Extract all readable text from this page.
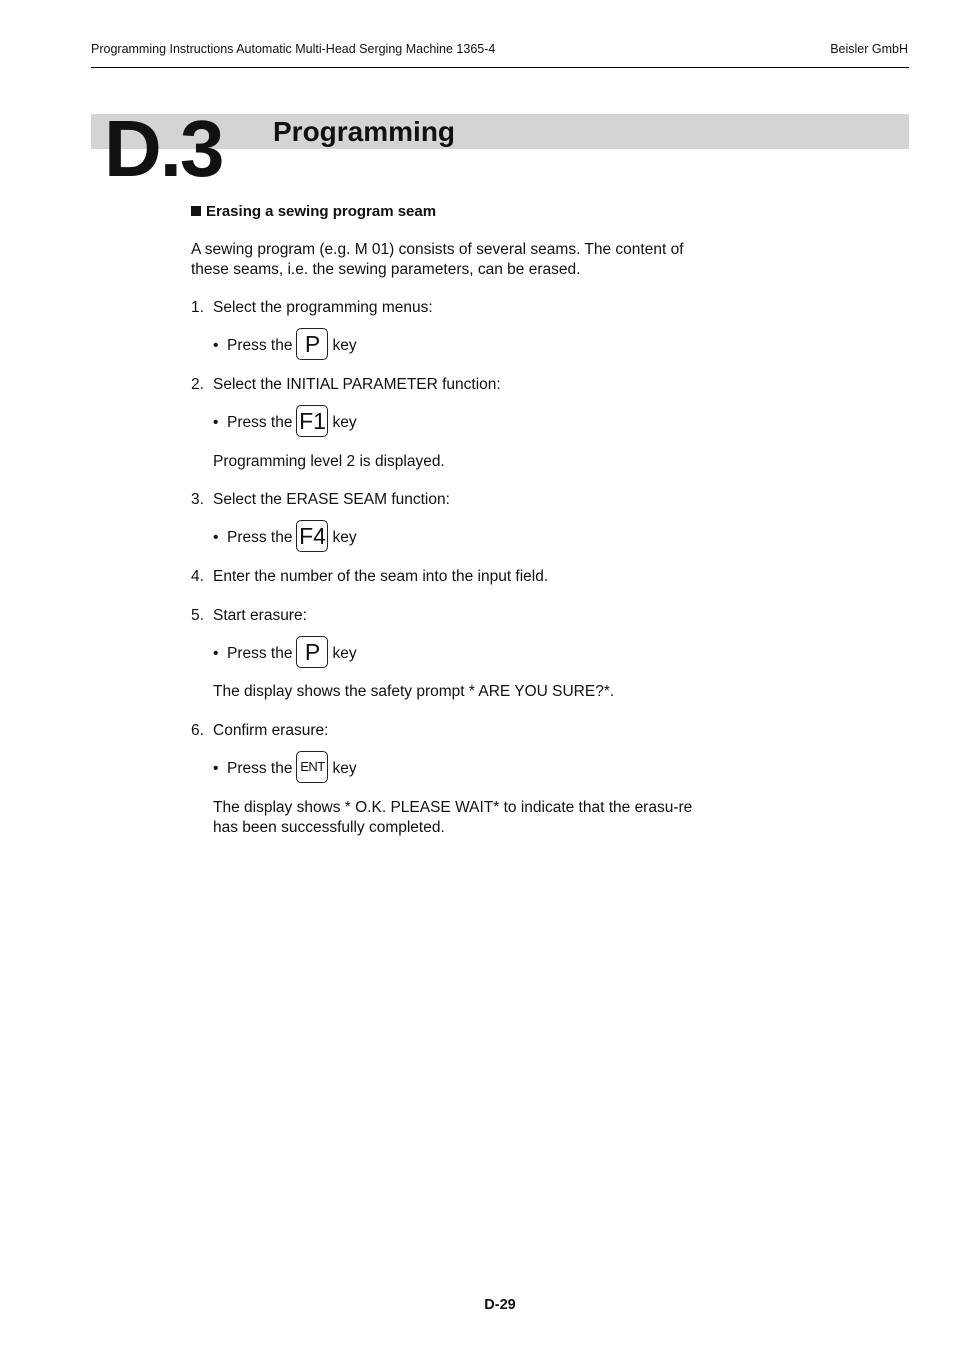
Programming Instructions Automatic Multi-Head Serging Machine 1365-4	Beisler GmbH
D.3 Programming
Erasing a sewing program seam

A sewing program (e.g. M 01) consists of several seams. The content of these seams, i.e. the sewing parameters, can be erased.

1. Select the programming menus:
• Press the P key
2. Select the INITIAL PARAMETER function:
• Press the F1 key

Programming level 2 is displayed.

3. Select the ERASE SEAM function:
• Press the F4 key
4. Enter the number of the seam into the input field.
5. Start erasure:
• Press the P key

The display shows the safety prompt * ARE YOU SURE?*.

6. Confirm erasure:
• Press the ENT key

The display shows * O.K. PLEASE WAIT* to indicate that the erasu-re has been successfully completed.

D-29
